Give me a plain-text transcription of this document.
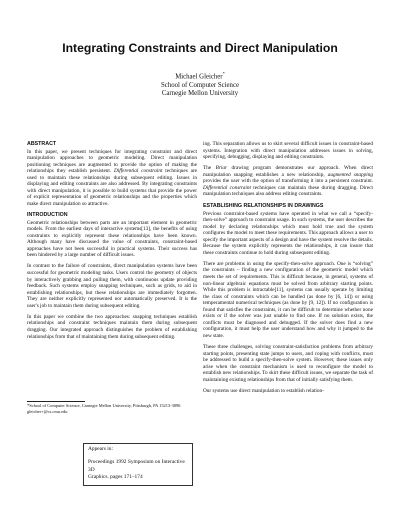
Integrating Constraints and Direct Manipulation
Michael Gleicher*
School of Computer Science
Carnegie Mellon University
ABSTRACT

In this paper, we present techniques for integrating constraint and direct manipulation approaches to geometric modeling. Direct manipulation positioning techniques are augmented to provide the option of making the relationships they establish persistent. Differential constraint techniques are used to maintain these relationships during subsequent editing. Issues in displaying and editing constraints are also addressed. By integrating constraints with direct manipulation, it is possible to build systems that provide the power of explicit representation of geometric relationships and the properties which make direct manipulation so attractive.

INTRODUCTION

Geometric relationships between parts are an important element in geometric models. From the earliest days of interactive systems[13], the benefits of using constraints to explicitly represent these relationships have been known. Although many have discussed the value of constraints, constraint-based approaches have not been successful in practical systems. Their success has been hindered by a large number of difficult issues.

In contrast to the failure of constraints, direct manipulation systems have been successful for geometric modeling tasks. Users control the geometry of objects by interactively grabbing and pulling them, with continuous update providing feedback. Such systems employ snapping techniques, such as grids, to aid in establishing relationships, but these relationships are immediately forgotten. They are neither explicitly represented nor automatically preserved. It is the user's job to maintain them during subsequent editing.

In this paper we combine the two approaches: snapping techniques establish relationships and constraint techniques maintain them during subsequent dragging. Our integrated approach distinguishes the problem of establishing relationships from that of maintaining them during subsequent editing.

*School of Computer Science, Carnegie Mellon University, Pittsburgh, PA 15213-3890. gleicher+@cs.cmu.edu
Appears in:
Proceedings 1992 Symposium on Interactive 3D
Graphics. pages 171–174

ing. This separation allows us to skirt several difficult issues in constraint-based systems. Integration with direct manipulation addresses issues in solving, specifying, debugging, displaying and editing constraints.

The Briar drawing program demonstrates our approach. When direct manipulation snapping establishes a new relationship, augmented snapping provides the user with the option of transforming it into a persistent constraint. Differential constraint techniques can maintain these during dragging. Direct manipulation techniques also address editing constraints.

ESTABLISHING RELATIONSHIPS IN DRAWINGS

Previous constraint-based systems have operated in what we call a “specify-then-solve” approach to constraint usage. In such systems, the user describes the model by declaring relationships which must hold true and the system configures the model to meet these requirements. This approach allows a user to specify the important aspects of a design and have the system resolve the details. Because the system explicitly represents the relationships, it can insure that these constraints continue to hold during subsequent editing.

There are problems in using the specify-then-solve approach. One is “solving” the constraints – finding a new configuration of the geometric model which meets the set of requirements. This is difficult because, in general, systems of non-linear algebraic equations must be solved from arbitrary starting points. While this problem is intractable[11], systems can usually operate by limiting the class of constraints which can be handled (as done by [6, 14]) or using temperamental numerical techniques (as done by [9, 12]). If no configuration is found that satisfies the constraints, it can be difficult to determine whether none exists or if the solver was just unable to find one. If no solution exists, the conflicts must be diagnosed and debugged. If the solver does find a new configuration, it must help the user understand how and why it jumped to the new state.

These three challenges, solving constraint-satisfaction problems from arbitrary starting points, presenting state jumps to users, and coping with conflicts, must be addressed to build a specify-then-solve system. However, these issues only arise when the constraint mechanism is used to reconfigure the model to establish new relationships. To skirt these difficult issues, we separate the task of maintaining existing relationships from that of initially satisfying them.

Our systems use direct manipulation to establish relation-
